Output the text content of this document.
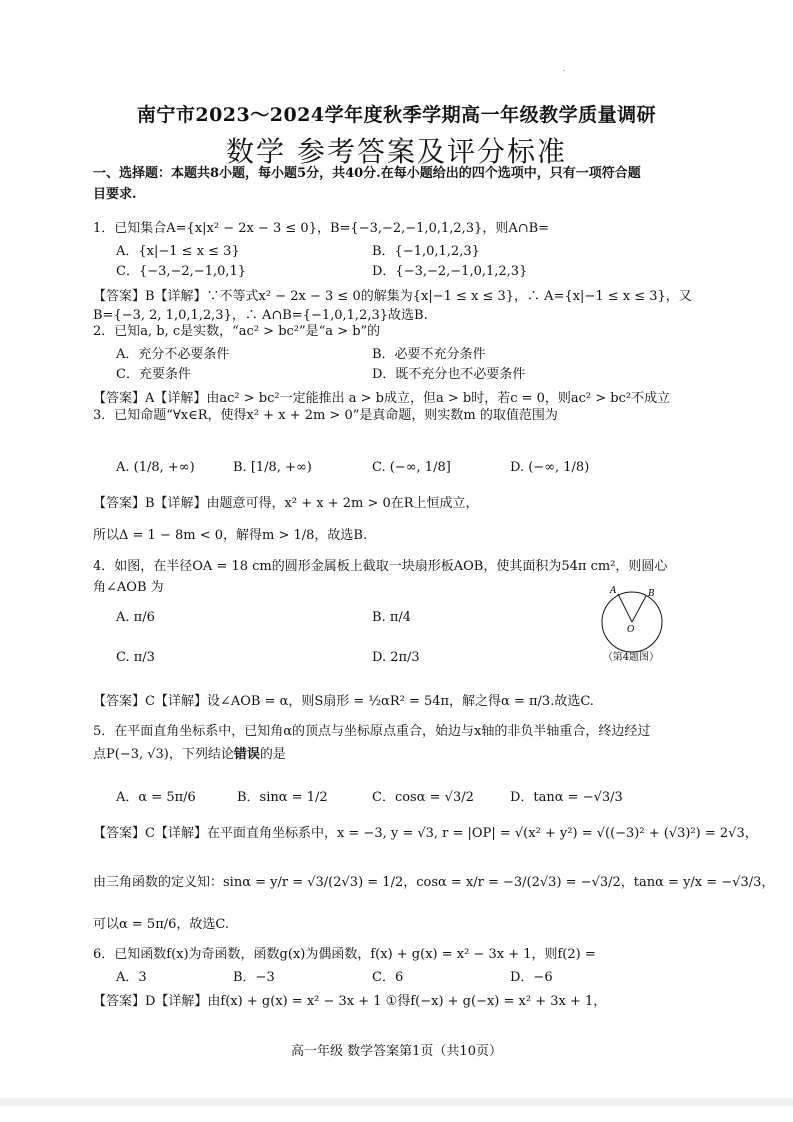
.
南宁市2023～2024学年度秋季学期高一年级教学质量调研
数学 参考答案及评分标准
一、选择题：本题共8小题，每小题5分，共40分.在每小题给出的四个选项中，只有一项符合题
目要求.
1．已知集合A={x|x² − 2x − 3 ≤ 0}，B={−3,−2,−1,0,1,2,3}，则A∩B=
A．{x|−1 ≤ x ≤ 3}	B．{−1,0,1,2,3}
C．{−3,−2,−1,0,1}	D．{−3,−2,−1,0,1,2,3}
【答案】B【详解】∵不等式x² − 2x − 3 ≤ 0的解集为{x|−1 ≤ x ≤ 3}，∴ A={x|−1 ≤ x ≤ 3}，又
B={−3, 2, 1,0,1,2,3}，∴ A∩B={−1,0,1,2,3}故选B.
2．已知a, b, c是实数，“ac² > bc²”是“a > b”的
A．充分不必要条件	B．必要不充分条件
C．充要条件	D．既不充分也不必要条件
【答案】A【详解】由ac² > bc²一定能推出 a > b成立，但a > b时，若c = 0，则ac² > bc²不成立
3．已知命题“∀x∈R，使得x² + x + 2m > 0”是真命题，则实数m 的取值范围为
A. (1/8, +∞)	B. [1/8, +∞)	C. (−∞, 1/8]	D. (−∞, 1/8)
【答案】B【详解】由题意可得，x² + x + 2m > 0在R上恒成立，
所以Δ = 1 − 8m < 0，解得m > 1/8，故选B.
4．如图，在半径OA = 18 cm的圆形金属板上截取一块扇形板AOB，使其面积为54π cm²，则圆心
角∠AOB 为
A. π/6	B. π/4
C. π/3	D. 2π/3
A	B
O
（第4题图）
【答案】C【详解】设∠AOB = α，则S扇形 = ½αR² = 54π，解之得α = π/3.故选C.
5．在平面直角坐标系中，已知角α的顶点与坐标原点重合，始边与x轴的非负半轴重合，终边经过
点P(−3, √3)，下列结论错误的是
A．α = 5π/6	B．sinα = 1/2	C．cosα = √3/2	D．tanα = −√3/3
【答案】C【详解】在平面直角坐标系中，x = −3, y = √3, r = |OP| = √(x² + y²) = √((−3)² + (√3)²) = 2√3，
由三角函数的定义知：sinα = y/r = √3/(2√3) = 1/2，cosα = x/r = −3/(2√3) = −√3/2，tanα = y/x = −√3/3，
可以α = 5π/6，故选C.
6．已知函数f(x)为奇函数，函数g(x)为偶函数，f(x) + g(x) = x² − 3x + 1，则f(2) =
A．3	B．−3	C．6	D．−6
【答案】D【详解】由f(x) + g(x) = x² − 3x + 1 ①得f(−x) + g(−x) = x² + 3x + 1，
高一年级 数学答案第1页（共10页）
